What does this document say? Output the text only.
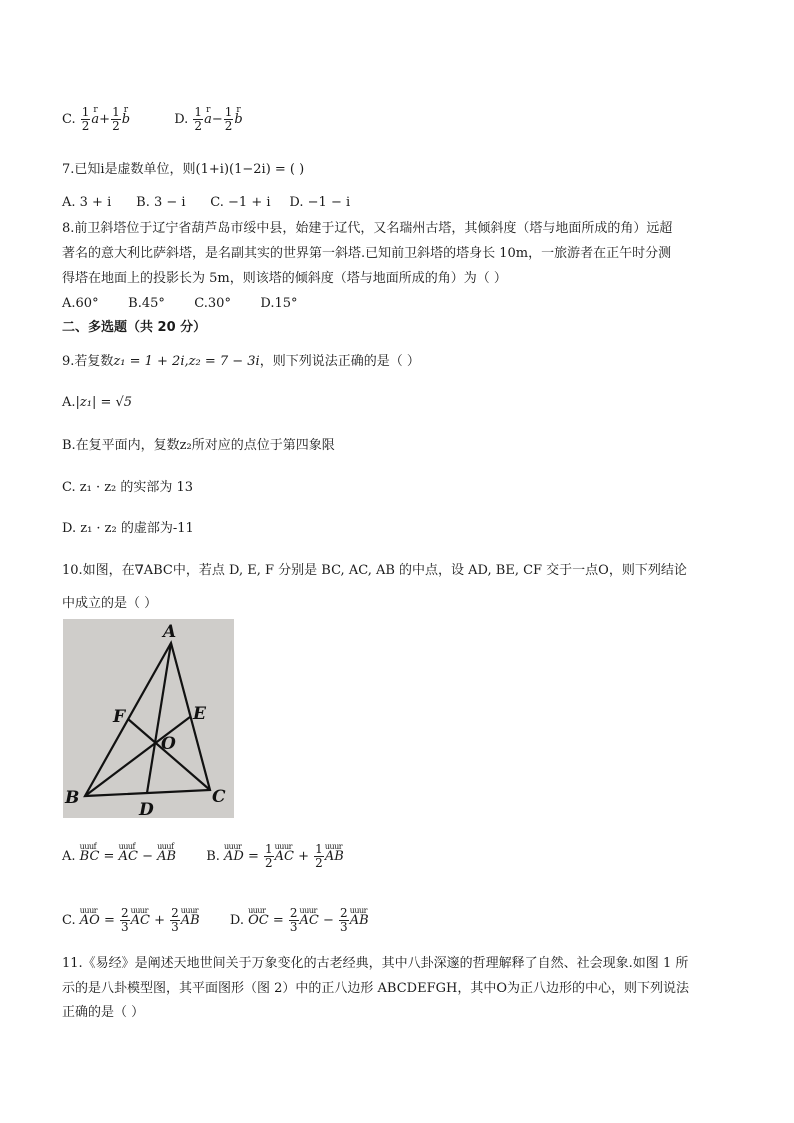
C. $\frac{1}{2}$ r $a+ \frac{1}{2}$ r b	D. $\frac{1}{2}$ r $a- \frac{1}{2}$ r b
7.已知i是虚数单位，则(1+i)(1−2i) = ( )
A. 3 + i B. 3 − i C. −1 + i D. −1 − i
8.前卫斜塔位于辽宁省葫芦岛市绥中县，始建于辽代，又名瑞州古塔，其倾斜度（塔与地面所成的角）远超
著名的意大利比萨斜塔，是名副其实的世界第一斜塔.已知前卫斜塔的塔身长 10m，一旅游者在正午时分测
得塔在地面上的投影长为 5m，则该塔的倾斜度（塔与地面所成的角）为（ ）
A.60° B.45° C.30° D.15°
二、多选题（共 20 分）
9.若复数z₁ = 1 + 2i,z₂ = 7 − 3i，则下列说法正确的是（ ）
A.|z₁| = √5
B.在复平面内，复数z₂所对应的点位于第四象限
C. z₁ · z₂ 的实部为 13
D. z₁ · z₂ 的虚部为-11
10.如图，在∇ABC中，若点 D, E, F 分别是 BC, AC, AB 的中点，设 AD, BE, CF 交于一点O，则下列结论
中成立的是（ ）
A
B	C
D
E
F
O
A. uuuf BC = uuuf AC − uuuf AB B. uuur AD = $\frac{1}{2}$ uuur AC + $\frac{1}{2}$ uuur AB
C. uuur AO = $\frac{2}{3}$ uuur AC + $\frac{2}{3}$ uuur AB D. uuur OC = $\frac{2}{3}$ uuur AC − $\frac{2}{3}$ uuur AB
11.《易经》是阐述天地世间关于万象变化的古老经典，其中八卦深邃的哲理解释了自然、社会现象.如图 1 所
示的是八卦模型图，其平面图形（图 2）中的正八边形 ABCDEFGH，其中O为正八边形的中心，则下列说法
正确的是（ ）
